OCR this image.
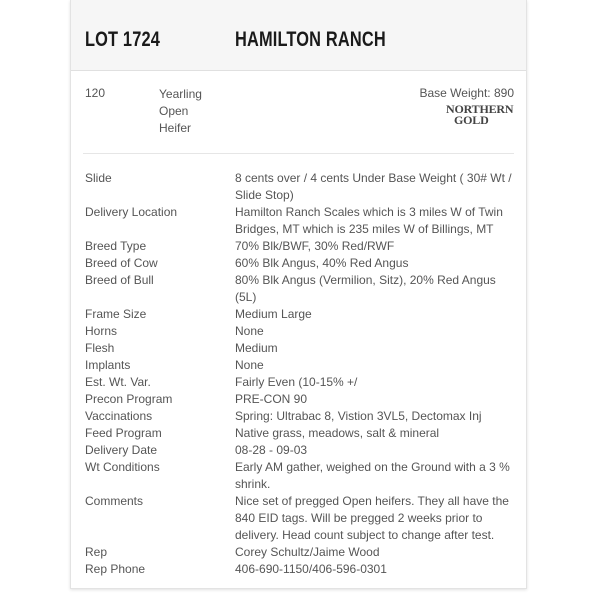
LOT 1724	HAMILTON RANCH
120	Yearling
Open
Heifer
Base Weight: 890
NORTHERN
GOLD
Slide	8 cents over / 4 cents Under Base Weight ( 30# Wt / Slide Stop)
Delivery Location	Hamilton Ranch Scales which is 3 miles W of Twin Bridges, MT which is 235 miles W of Billings, MT
Breed Type	70% Blk/BWF, 30% Red/RWF
Breed of Cow	60% Blk Angus, 40% Red Angus
Breed of Bull	80% Blk Angus (Vermilion, Sitz), 20% Red Angus (5L)
Frame Size	Medium Large
Horns	None
Flesh	Medium
Implants	None
Est. Wt. Var.	Fairly Even (10-15% +/
Precon Program	PRE-CON 90
Vaccinations	Spring: Ultrabac 8, Vistion 3VL5, Dectomax Inj
Feed Program	Native grass, meadows, salt & mineral
Delivery Date	08-28 - 09-03
Wt Conditions	Early AM gather, weighed on the Ground with a 3 % shrink.
Comments	Nice set of pregged Open heifers. They all have the 840 EID tags. Will be pregged 2 weeks prior to delivery. Head count subject to change after test.
Rep	Corey Schultz/Jaime Wood
Rep Phone	406-690-1150/406-596-0301
